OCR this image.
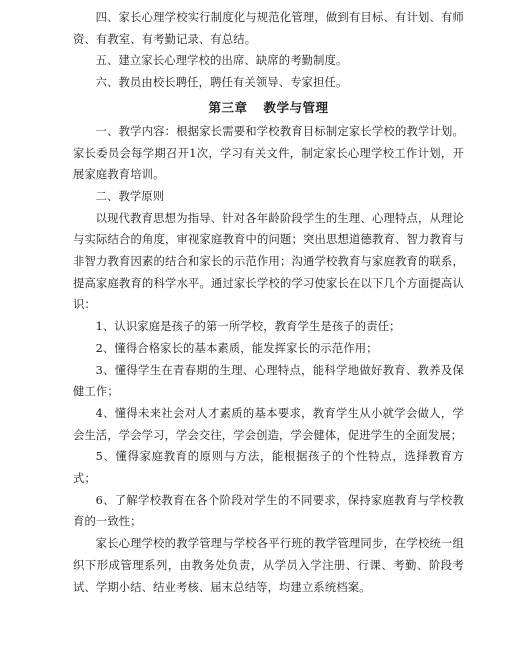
四、家长心理学校实行制度化与规范化管理，做到有目标、有计划、有师资、有教室、有考勤记录、有总结。

五、建立家长心理学校的出席、缺席的考勤制度。

六、教员由校长聘任，聘任有关领导、专家担任。

第三章 教学与管理

一、教学内容：根据家长需要和学校教育目标制定家长学校的教学计划。家长委员会每学期召开1次，学习有关文件，制定家长心理学校工作计划，开展家庭教育培训。

二、教学原则

以现代教育思想为指导、针对各年龄阶段学生的生理、心理特点，从理论与实际结合的角度，审视家庭教育中的问题；突出思想道德教育、智力教育与非智力教育因素的结合和家长的示范作用；沟通学校教育与家庭教育的联系，提高家庭教育的科学水平。通过家长学校的学习使家长在以下几个方面提高认识：

1、认识家庭是孩子的第一所学校，教育学生是孩子的责任；

2、懂得合格家长的基本素质，能发挥家长的示范作用；

3、懂得学生在青春期的生理、心理特点，能科学地做好教育、教养及保健工作；

4、懂得未来社会对人才素质的基本要求，教育学生从小就学会做人，学会生活，学会学习，学会交往，学会创造，学会健体，促进学生的全面发展；

5、懂得家庭教育的原则与方法，能根据孩子的个性特点，选择教育方式；

6、了解学校教育在各个阶段对学生的不同要求，保持家庭教育与学校教育的一致性；

家长心理学校的教学管理与学校各平行班的教学管理同步，在学校统一组织下形成管理系列，由教务处负责，从学员入学注册、行课、考勤、阶段考试、学期小结、结业考核、届末总结等，均建立系统档案。
